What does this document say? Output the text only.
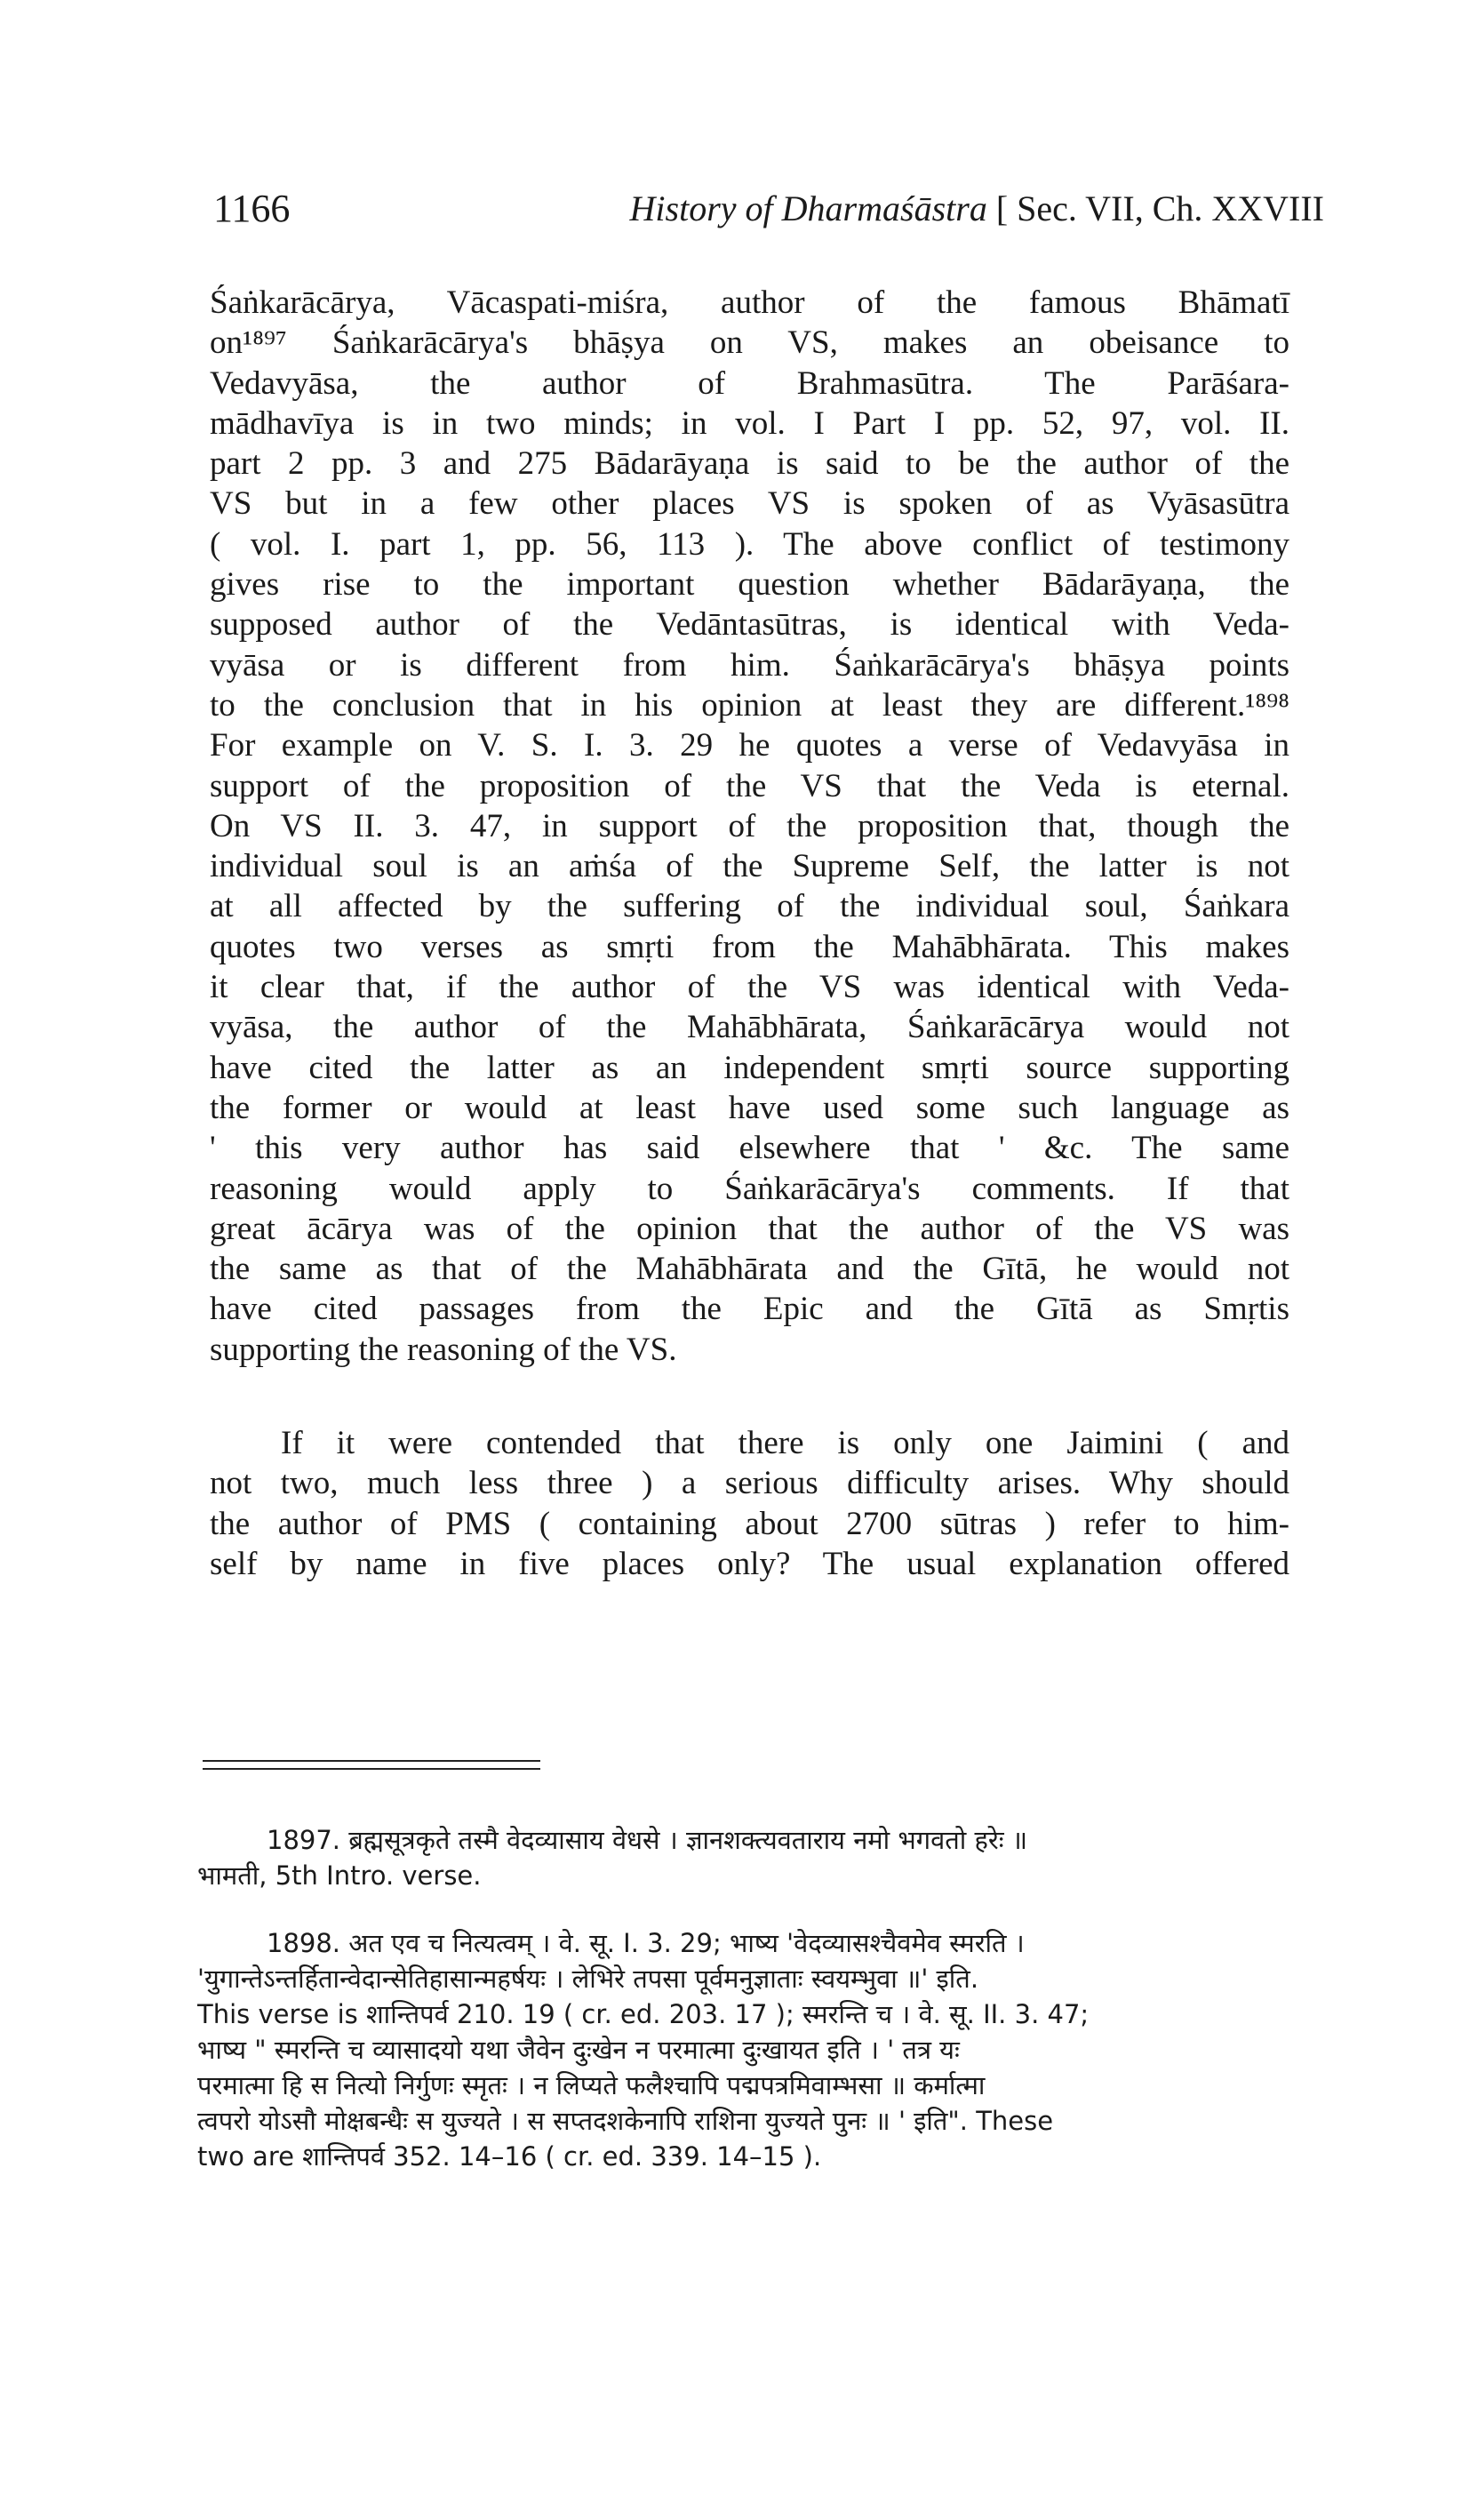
1166	History of Dharmaśāstra [ Sec. VII, Ch. XXVIII
Śaṅkarācārya, Vācaspati-miśra, author of the famous Bhāmatī
on¹⁸⁹⁷ Śaṅkarācārya's bhāṣya on VS, makes an obeisance to
Vedavyāsa, the author of Brahmasūtra. The Parāśara-
mādhavīya is in two minds; in vol. I Part I pp. 52, 97, vol. II.
part 2 pp. 3 and 275 Bādarāyaṇa is said to be the author of the
VS but in a few other places VS is spoken of as Vyāsasūtra
( vol. I. part 1, pp. 56, 113 ). The above conflict of testimony
gives rise to the important question whether Bādarāyaṇa, the
supposed author of the Vedāntasūtras, is identical with Veda-
vyāsa or is different from him. Śaṅkarācārya's bhāṣya points
to the conclusion that in his opinion at least they are different.¹⁸⁹⁸
For example on V. S. I. 3. 29 he quotes a verse of Vedavyāsa in
support of the proposition of the VS that the Veda is eternal.
On VS II. 3. 47, in support of the proposition that, though the
individual soul is an aṁśa of the Supreme Self, the latter is not
at all affected by the suffering of the individual soul, Śaṅkara
quotes two verses as smṛti from the Mahābhārata. This makes
it clear that, if the author of the VS was identical with Veda-
vyāsa, the author of the Mahābhārata, Śaṅkarācārya would not
have cited the latter as an independent smṛti source supporting
the former or would at least have used some such language as
' this very author has said elsewhere that ' &c. The same
reasoning would apply to Śaṅkarācārya's comments. If that
great ācārya was of the opinion that the author of the VS was
the same as that of the Mahābhārata and the Gītā, he would not
have cited passages from the Epic and the Gītā as Smṛtis
supporting the reasoning of the VS.
If it were contended that there is only one Jaimini ( and
not two, much less three ) a serious difficulty arises. Why should
the author of PMS ( containing about 2700 sūtras ) refer to him-
self by name in five places only? The usual explanation offered
1897. ब्रह्मसूत्रकृते तस्मै वेदव्यासाय वेधसे । ज्ञानशक्त्यवताराय नमो भगवतो हरेः ॥
भामती, 5th Intro. verse.
1898. अत एव च नित्यत्वम् । वे. सू. I. 3. 29; भाष्य 'वेदव्यासश्चैवमेव स्मरति ।
'युगान्तेऽन्तर्हितान्वेदान्सेतिहासान्महर्षयः । लेभिरे तपसा पूर्वमनुज्ञाताः स्वयम्भुवा ॥' इति.
This verse is शान्तिपर्व 210. 19 ( cr. ed. 203. 17 ); स्मरन्ति च । वे. सू. II. 3. 47;
भाष्य " स्मरन्ति च व्यासादयो यथा जैवेन दुःखेन न परमात्मा दुःखायत इति । ' तत्र यः
परमात्मा हि स नित्यो निर्गुणः स्मृतः । न लिप्यते फलैश्चापि पद्मपत्रमिवाम्भसा ॥ कर्मात्मा
त्वपरो योऽसौ मोक्षबन्धैः स युज्यते । स सप्तदशकेनापि राशिना युज्यते पुनः ॥ ' इति". These
two are शान्तिपर्व 352. 14–16 ( cr. ed. 339. 14–15 ).
